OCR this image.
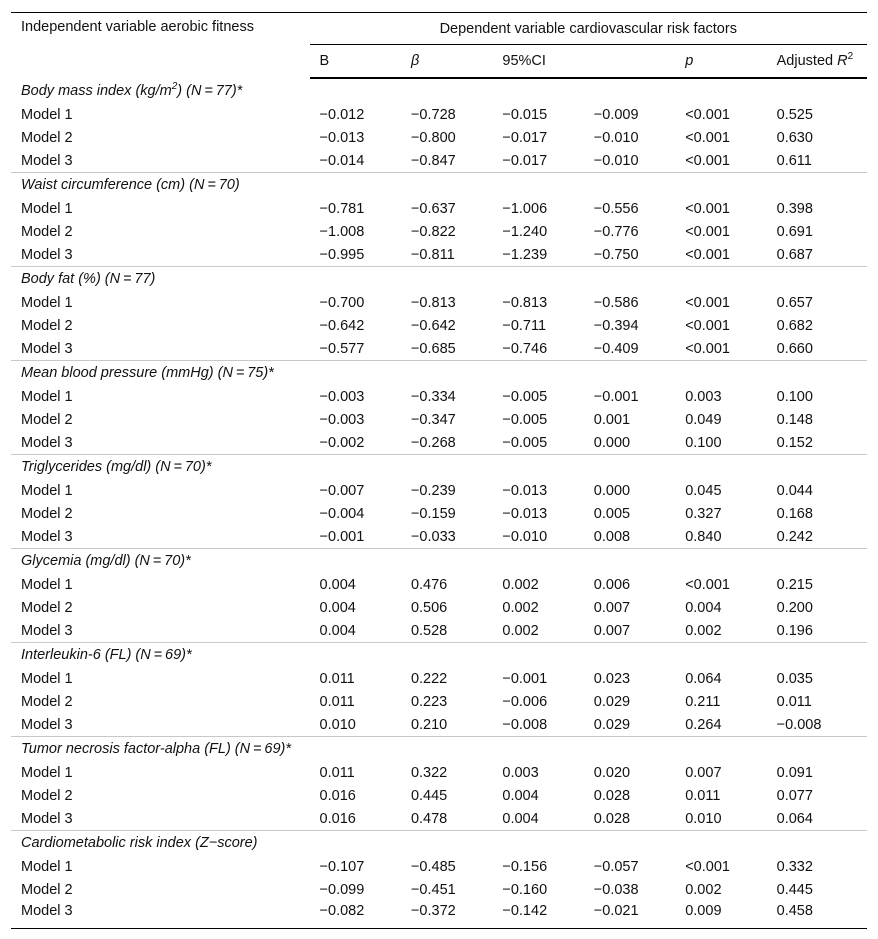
Independent variable aerobic fitness	Dependent variable cardiovascular risk factors					
	B	β	95%CI		p	Adjusted $R^2$
Body mass index $(kg/m^2) (N = 77)*$						
Model 1	−0.012	−0.728	−0.015	−0.009	<0.001	0.525
Model 2	−0.013	−0.800	−0.017	−0.010	<0.001	0.630
Model 3	−0.014	−0.847	−0.017	−0.010	<0.001	0.611
Waist circumference (cm) (N = 70)						
Model 1	−0.781	−0.637	−1.006	−0.556	<0.001	0.398
Model 2	−1.008	−0.822	−1.240	−0.776	<0.001	0.691
Model 3	−0.995	−0.811	−1.239	−0.750	<0.001	0.687
Body fat (%) (N = 77)						
Model 1	−0.700	−0.813	−0.813	−0.586	<0.001	0.657
Model 2	−0.642	−0.642	−0.711	−0.394	<0.001	0.682
Model 3	−0.577	−0.685	−0.746	−0.409	<0.001	0.660
Mean blood pressure (mmHg) (N = 75)*						
Model 1	−0.003	−0.334	−0.005	−0.001	0.003	0.100
Model 2	−0.003	−0.347	−0.005	0.001	0.049	0.148
Model 3	−0.002	−0.268	−0.005	0.000	0.100	0.152
Triglycerides (mg/dl) (N = 70)*						
Model 1	−0.007	−0.239	−0.013	0.000	0.045	0.044
Model 2	−0.004	−0.159	−0.013	0.005	0.327	0.168
Model 3	−0.001	−0.033	−0.010	0.008	0.840	0.242
Glycemia (mg/dl) (N = 70)*						
Model 1	0.004	0.476	0.002	0.006	<0.001	0.215
Model 2	0.004	0.506	0.002	0.007	0.004	0.200
Model 3	0.004	0.528	0.002	0.007	0.002	0.196
Interleukin-6 (FL) (N = 69)*						
Model 1	0.011	0.222	−0.001	0.023	0.064	0.035
Model 2	0.011	0.223	−0.006	0.029	0.211	0.011
Model 3	0.010	0.210	−0.008	0.029	0.264	−0.008
Tumor necrosis factor-alpha (FL) (N = 69)*						
Model 1	0.011	0.322	0.003	0.020	0.007	0.091
Model 2	0.016	0.445	0.004	0.028	0.011	0.077
Model 3	0.016	0.478	0.004	0.028	0.010	0.064
Cardiometabolic risk index (Z−score)						
Model 1	−0.107	−0.485	−0.156	−0.057	<0.001	0.332
Model 2	−0.099	−0.451	−0.160	−0.038	0.002	0.445
Model 3	−0.082	−0.372	−0.142	−0.021	0.009	0.458
